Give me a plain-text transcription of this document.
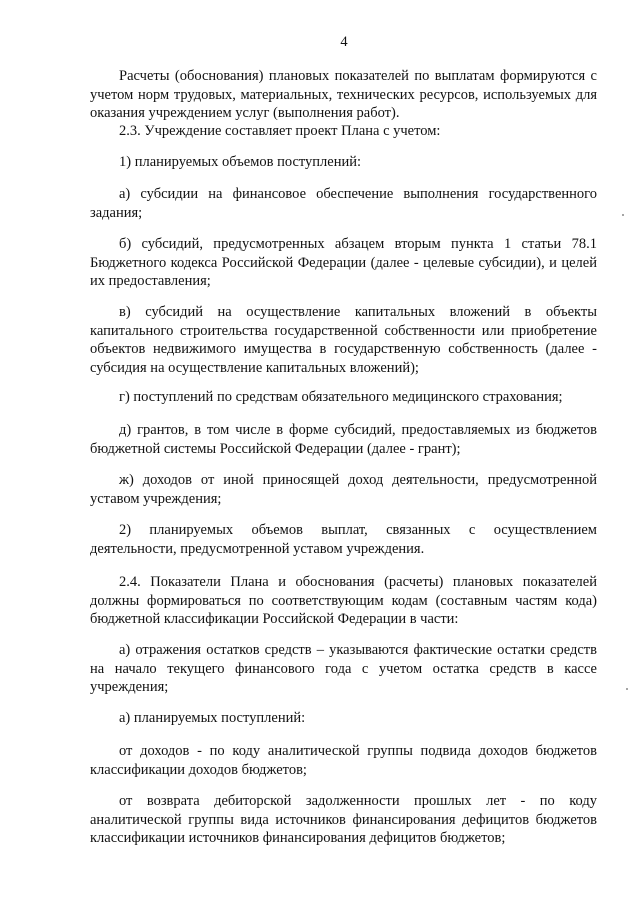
4

Расчеты (обоснования) плановых показателей по выплатам формируются с учетом норм трудовых, материальных, технических ресурсов, используемых для оказания учреждением услуг (выполнения работ).

2.3. Учреждение составляет проект Плана с учетом:

1) планируемых объемов поступлений:

а) субсидии на финансовое обеспечение выполнения государственного задания;

б) субсидий, предусмотренных абзацем вторым пункта 1 статьи 78.1 Бюджетного кодекса Российской Федерации (далее - целевые субсидии), и целей их предоставления;

в) субсидий на осуществление капитальных вложений в объекты капитального строительства государственной собственности или приобретение объектов недвижимого имущества в государственную собственность (далее - субсидия на осуществление капитальных вложений);

г) поступлений по средствам обязательного медицинского страхования;

д) грантов, в том числе в форме субсидий, предоставляемых из бюджетов бюджетной системы Российской Федерации (далее - грант);

ж) доходов от иной приносящей доход деятельности, предусмотренной уставом учреждения;

2) планируемых объемов выплат, связанных с осуществлением деятельности, предусмотренной уставом учреждения.

2.4. Показатели Плана и обоснования (расчеты) плановых показателей должны формироваться по соответствующим кодам (составным частям кода) бюджетной классификации Российской Федерации в части:

а) отражения остатков средств – указываются фактические остатки средств на начало текущего финансового года с учетом остатка средств в кассе учреждения;

а) планируемых поступлений:

от доходов - по коду аналитической группы подвида доходов бюджетов классификации доходов бюджетов;

от возврата дебиторской задолженности прошлых лет - по коду аналитической группы вида источников финансирования дефицитов бюджетов классификации источников финансирования дефицитов бюджетов;
